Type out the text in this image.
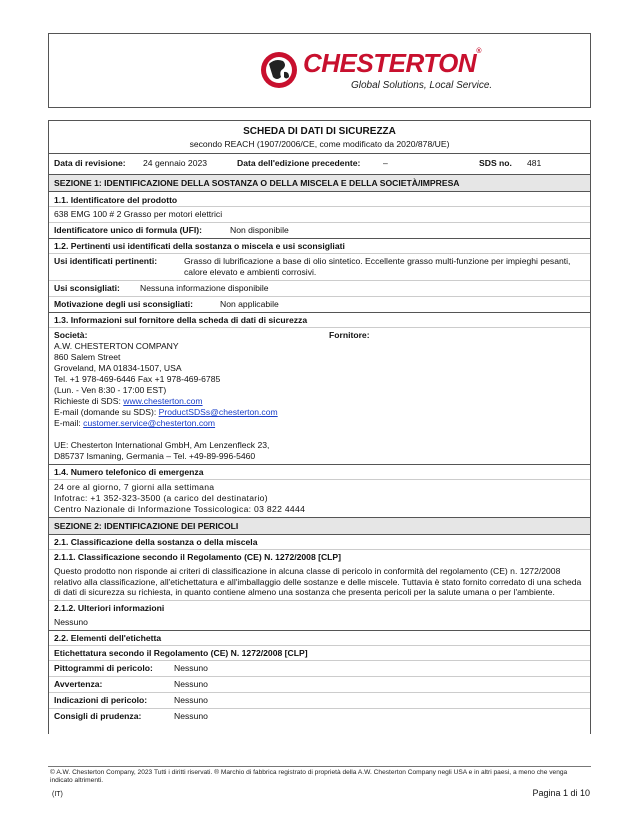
CHESTERTON®
Global Solutions, Local Service.
SCHEDA DI DATI DI SICUREZZA
secondo REACH (1907/2006/CE, come modificato da 2020/878/UE)
Data di revisione: 24 gennaio 2023	Data dell'edizione precedente:	–	SDS no. 481
SEZIONE 1: IDENTIFICAZIONE DELLA SOSTANZA O DELLA MISCELA E DELLA SOCIETÀ/IMPRESA
1.1. Identificatore del prodotto
638 EMG 100 # 2 Grasso per motori elettrici
Identificatore unico di formula (UFI):	Non disponibile
1.2. Pertinenti usi identificati della sostanza o miscela e usi sconsigliati
Usi identificati pertinenti:	Grasso di lubrificazione a base di olio sintetico. Eccellente grasso multi-funzione per impieghi pesanti, calore elevato e ambienti corrosivi.
Usi sconsigliati:	Nessuna informazione disponibile
Motivazione degli usi sconsigliati:	Non applicabile
1.3. Informazioni sul fornitore della scheda di dati di sicurezza
Società:	Fornitore:
A.W. CHESTERTON COMPANY
860 Salem Street
Groveland, MA 01834-1507, USA
Tel. +1 978-469-6446 Fax +1 978-469-6785
(Lun. - Ven 8:30 - 17:00 EST)
Richieste di SDS: www.chesterton.com
E-mail (domande su SDS): ProductSDSs@chesterton.com
E-mail: customer.service@chesterton.com
UE: Chesterton International GmbH, Am Lenzenfleck 23,
D85737 Ismaning, Germania – Tel. +49-89-996-5460
1.4. Numero telefonico di emergenza
24 ore al giorno, 7 giorni alla settimana
Infotrac: +1 352-323-3500 (a carico del destinatario)
Centro Nazionale di Informazione Tossicologica: 03 822 4444
SEZIONE 2: IDENTIFICAZIONE DEI PERICOLI
2.1. Classificazione della sostanza o della miscela
2.1.1. Classificazione secondo il Regolamento (CE) N. 1272/2008 [CLP]
Questo prodotto non risponde ai criteri di classificazione in alcuna classe di pericolo in conformità del regolamento (CE) n. 1272/2008 relativo alla classificazione, all'etichettatura e all'imballaggio delle sostanze e delle miscele. Tuttavia è stato fornito corredato di una scheda di dati di sicurezza su richiesta, in quanto contiene almeno una sostanza che presenta pericoli per la salute umana o per l'ambiente.
2.1.2. Ulteriori informazioni
Nessuno
2.2. Elementi dell'etichetta
Etichettatura secondo il Regolamento (CE) N. 1272/2008 [CLP]
Pittogrammi di pericolo:	Nessuno
Avvertenza:	Nessuno
Indicazioni di pericolo:	Nessuno
Consigli di prudenza:	Nessuno
© A.W. Chesterton Company, 2023 Tutti i diritti riservati. ® Marchio di fabbrica registrato di proprietà della A.W. Chesterton Company negli USA e in altri paesi, a meno che venga indicato altrimenti.
(IT)	Pagina 1 di 10
